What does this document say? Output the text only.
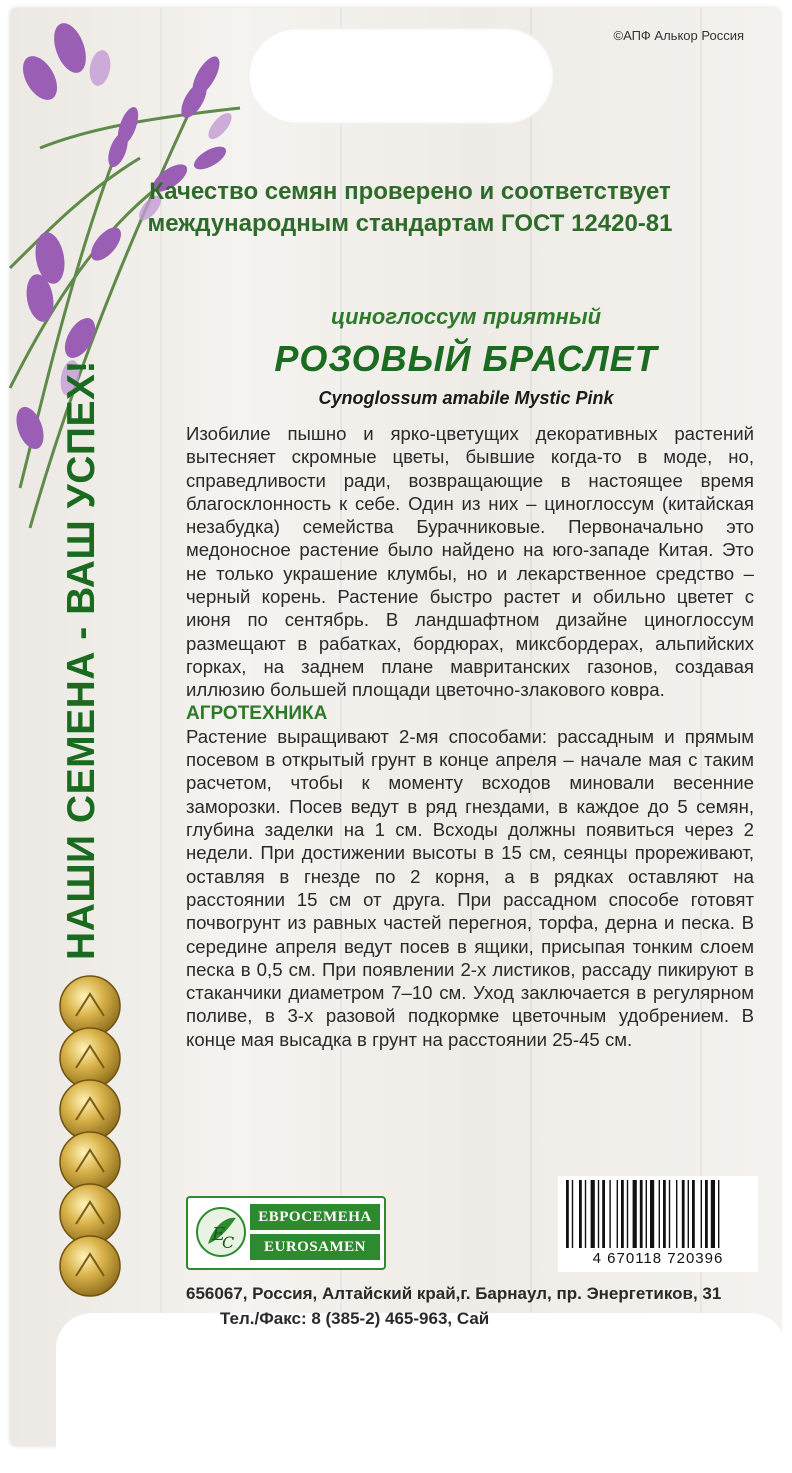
©АПФ Алькор Россия
Качество семян проверено и соответствует
международным стандартам ГОСТ 12420-81
циноглоссум приятный
РОЗОВЫЙ БРАСЛЕТ
Cynoglossum amabile Mystic Pink

Изобилие пышно и ярко-цветущих декоративных растений вытесняет скромные цветы, бывшие когда-то в моде, но, справедливости ради, возвращающие в настоящее время благосклонность к себе. Один из них – циноглоссум (китайская незабудка) семейства Бурачниковые. Первоначально это медоносное растение было найдено на юго-западе Китая. Это не только украшение клумбы, но и лекарственное средство – черный корень. Растение быстро растет и обильно цветет с июня по сентябрь. В ландшафтном дизайне циноглоссум размещают в рабатках, бордюрах, миксбордерах, альпийских горках, на заднем плане мавританских газонов, создавая иллюзию большей площади цветочно-злакового ковра.

АГРОТЕХНИКА

Растение выращивают 2-мя способами: рассадным и прямым посевом в открытый грунт в конце апреля – начале мая с таким расчетом, чтобы к моменту всходов миновали весенние заморозки. Посев ведут в ряд гнездами, в каждое до 5 семян, глубина заделки на 1 см. Всходы должны появиться через 2 недели. При достижении высоты в 15 см, сеянцы прореживают, оставляя в гнезде по 2 корня, а в рядках оставляют на расстоянии 15 см от друга. При рассадном способе готовят почвогрунт из равных частей перегноя, торфа, дерна и песка. В середине апреля ведут посев в ящики, присыпая тонким слоем песка в 0,5 см. При появлении 2-х листиков, рассаду пикируют в стаканчики диаметром 7–10 см. Уход заключается в регулярном поливе, в 3-х разовой подкормке цветочным удобрением. В конце мая высадка в грунт на расстоянии 25-45 см.

НАШИ СЕМЕНА - ВАШ УСПЕХ!
E
C
ЕВРОСЕМЕНА
EUROSAMEN
4 670118 720396
656067, Россия, Алтайский край,г. Барнаул, пр. Энергетиков, 31
